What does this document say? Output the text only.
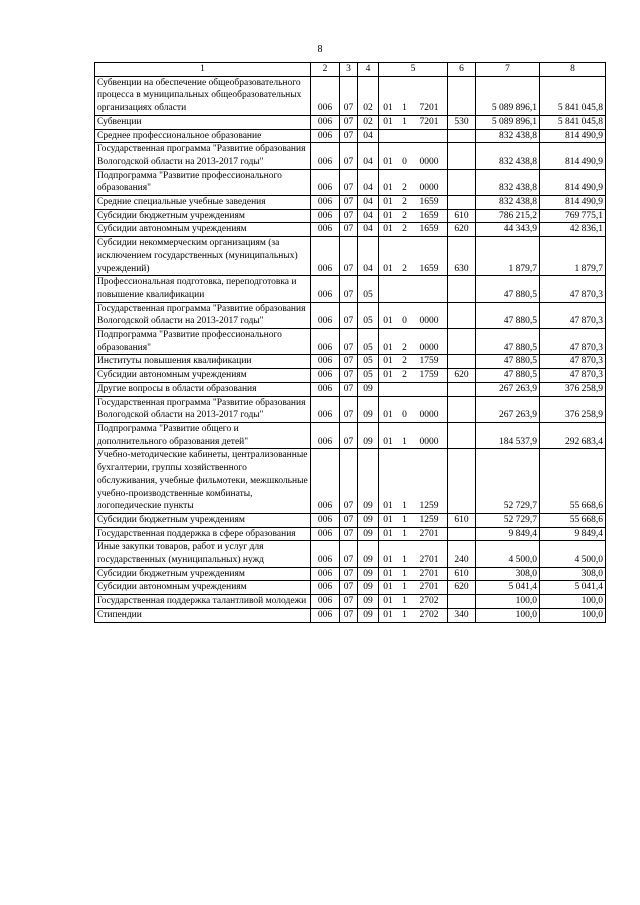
8
1	2	3	4	5	6	7	8
Субвенции на обеспечение общеобразовательного процесса в муниципальных общеобразовательных организациях области	006	07	02	01 1 7201		5 089 896,1	5 841 045,8
Субвенции	006	07	02	01 1 7201	530	5 089 896,1	5 841 045,8
Среднее профессиональное образование	006	07	04			832 438,8	814 490,9
Государственная программа "Развитие образования Вологодской области на 2013-2017 годы"	006	07	04	01 0 0000		832 438,8	814 490,9
Подпрограмма "Развитие профессионального образования"	006	07	04	01 2 0000		832 438,8	814 490,9
Средние специальные учебные заведения	006	07	04	01 2 1659		832 438,8	814 490,9
Субсидии бюджетным учреждениям	006	07	04	01 2 1659	610	786 215,2	769 775,1
Субсидии автономным учреждениям	006	07	04	01 2 1659	620	44 343,9	42 836,1
Субсидии некоммерческим организациям (за исключением государственных (муниципальных) учреждений)	006	07	04	01 2 1659	630	1 879,7	1 879,7
Профессиональная подготовка, переподготовка и повышение квалификации	006	07	05			47 880,5	47 870,3
Государственная программа "Развитие образования Вологодской области на 2013-2017 годы"	006	07	05	01 0 0000		47 880,5	47 870,3
Подпрограмма "Развитие профессионального образования"	006	07	05	01 2 0000		47 880,5	47 870,3
Институты повышения квалификации	006	07	05	01 2 1759		47 880,5	47 870,3
Субсидии автономным учреждениям	006	07	05	01 2 1759	620	47 880,5	47 870,3
Другие вопросы в области образования	006	07	09			267 263,9	376 258,9
Государственная программа "Развитие образования Вологодской области на 2013-2017 годы"	006	07	09	01 0 0000		267 263,9	376 258,9
Подпрограмма "Развитие общего и дополнительного образования детей"	006	07	09	01 1 0000		184 537,9	292 683,4
Учебно-методические кабинеты, централизованные бухгалтерии, группы хозяйственного обслуживания, учебные фильмотеки, межшкольные учебно-производственные комбинаты, логопедические пункты	006	07	09	01 1 1259		52 729,7	55 668,6
Субсидии бюджетным учреждениям	006	07	09	01 1 1259	610	52 729,7	55 668,6
Государственная поддержка в сфере образования	006	07	09	01 1 2701		9 849,4	9 849,4
Иные закупки товаров, работ и услуг для государственных (муниципальных) нужд	006	07	09	01 1 2701	240	4 500,0	4 500,0
Субсидии бюджетным учреждениям	006	07	09	01 1 2701	610	308,0	308,0
Субсидии автономным учреждениям	006	07	09	01 1 2701	620	5 041,4	5 041,4
Государственная поддержка талантливой молодежи	006	07	09	01 1 2702		100,0	100,0
Стипендии	006	07	09	01 1 2702	340	100,0	100,0
